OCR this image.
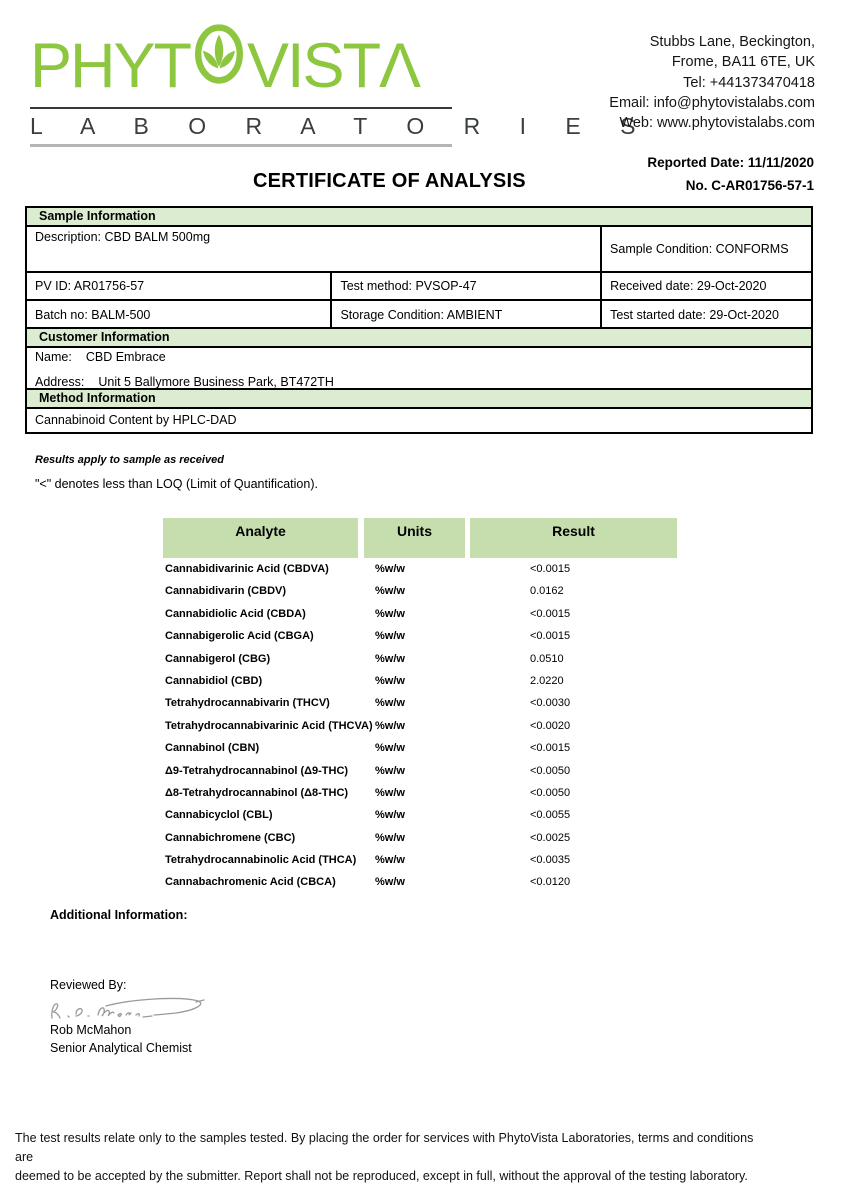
PHYT VISTΛ
L A B O R A T O R I E S
Stubbs Lane, Beckington,
Frome, BA11 6TE, UK
Tel: +441373470418
Email: info@phytovistalabs.com
Web: www.phytovistalabs.com
Reported Date: 11/11/2020
No. C-AR01756-57-1
CERTIFICATE OF ANALYSIS
Sample Information
Description: CBD BALM 500mg
Sample Condition: CONFORMS
PV ID: AR01756-57	Test method: PVSOP-47	Received date: 29-Oct-2020
Batch no: BALM-500	Storage Condition: AMBIENT	Test started date: 29-Oct-2020
Customer Information
Name: CBD Embrace
Address: Unit 5 Ballymore Business Park, BT472TH
Method Information
Cannabinoid Content by HPLC-DAD
Results apply to sample as received
"<" denotes less than LOQ (Limit of Quantification).
Analyte	Units	Result
Cannabidivarinic Acid (CBDVA)	%w/w	<0.0015
Cannabidivarin (CBDV)	%w/w	0.0162
Cannabidiolic Acid (CBDA)	%w/w	<0.0015
Cannabigerolic Acid (CBGA)	%w/w	<0.0015
Cannabigerol (CBG)	%w/w	0.0510
Cannabidiol (CBD)	%w/w	2.0220
Tetrahydrocannabivarin (THCV)	%w/w	<0.0030
Tetrahydrocannabivarinic Acid (THCVA) %w/w	<0.0020
Cannabinol (CBN)	%w/w	<0.0015
Δ9-Tetrahydrocannabinol (Δ9-THC)	%w/w	<0.0050
Δ8-Tetrahydrocannabinol (Δ8-THC)	%w/w	<0.0050
Cannabicyclol (CBL)	%w/w	<0.0055
Cannabichromene (CBC)	%w/w	<0.0025
Tetrahydrocannabinolic Acid (THCA)	%w/w	<0.0035
Cannabachromenic Acid (CBCA)	%w/w	<0.0120
Additional Information:
Reviewed By:
Rob McMahon
Senior Analytical Chemist
The test results relate only to the samples tested. By placing the order for services with PhytoVista Laboratories, terms and conditions are
deemed to be accepted by the submitter. Report shall not be reproduced, except in full, without the approval of the testing laboratory.
